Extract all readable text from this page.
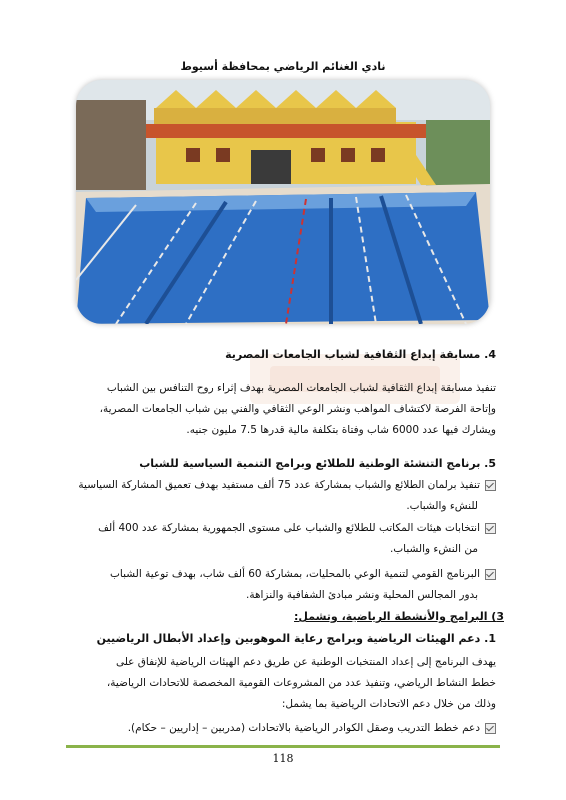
نادي الغنائم الرياضي بمحافظة أسيوط
4. مسابقة إبداع الثقافية لشباب الجامعات المصرية
تنفيذ مسابقة إبداع الثقافية لشباب الجامعات المصرية بهدف إثراء روح التنافس بين الشباب
وإتاحة الفرصة لاكتشاف المواهب ونشر الوعي الثقافي والفني بين شباب الجامعات المصرية،
ويشارك فيها عدد 6000 شاب وفتاة بتكلفة مالية قدرها 7.5 مليون جنيه.
5. برنامج التنشئة الوطنية للطلائع وبرامج التنمية السياسية للشباب
تنفيذ برلمان الطلائع والشباب بمشاركة عدد 75 ألف مستفيد بهدف تعميق المشاركة السياسية
للنشء والشباب.
انتخابات هيئات المكاتب للطلائع والشباب على مستوى الجمهورية بمشاركة عدد 400 ألف
من النشء والشباب.
البرنامج القومي لتنمية الوعي بالمحليات، بمشاركة 60 ألف شاب، بهدف توعية الشباب
بدور المجالس المحلية ونشر مبادئ الشفافية والنزاهة.
3) البرامج والأنشطة الرياضية، وتشمل:
1. دعم الهيئات الرياضية وبرامج رعاية الموهوبين وإعداد الأبطال الرياضيين
يهدف البرنامج إلى إعداد المنتخبات الوطنية عن طريق دعم الهيئات الرياضية للإنفاق على
خطط النشاط الرياضي، وتنفيذ عدد من المشروعات القومية المخصصة للاتحادات الرياضية،
وذلك من خلال دعم الاتحادات الرياضية بما يشمل:
دعم خطط التدريب وصقل الكوادر الرياضية بالاتحادات (مدربين – إداريين – حكام).
118
